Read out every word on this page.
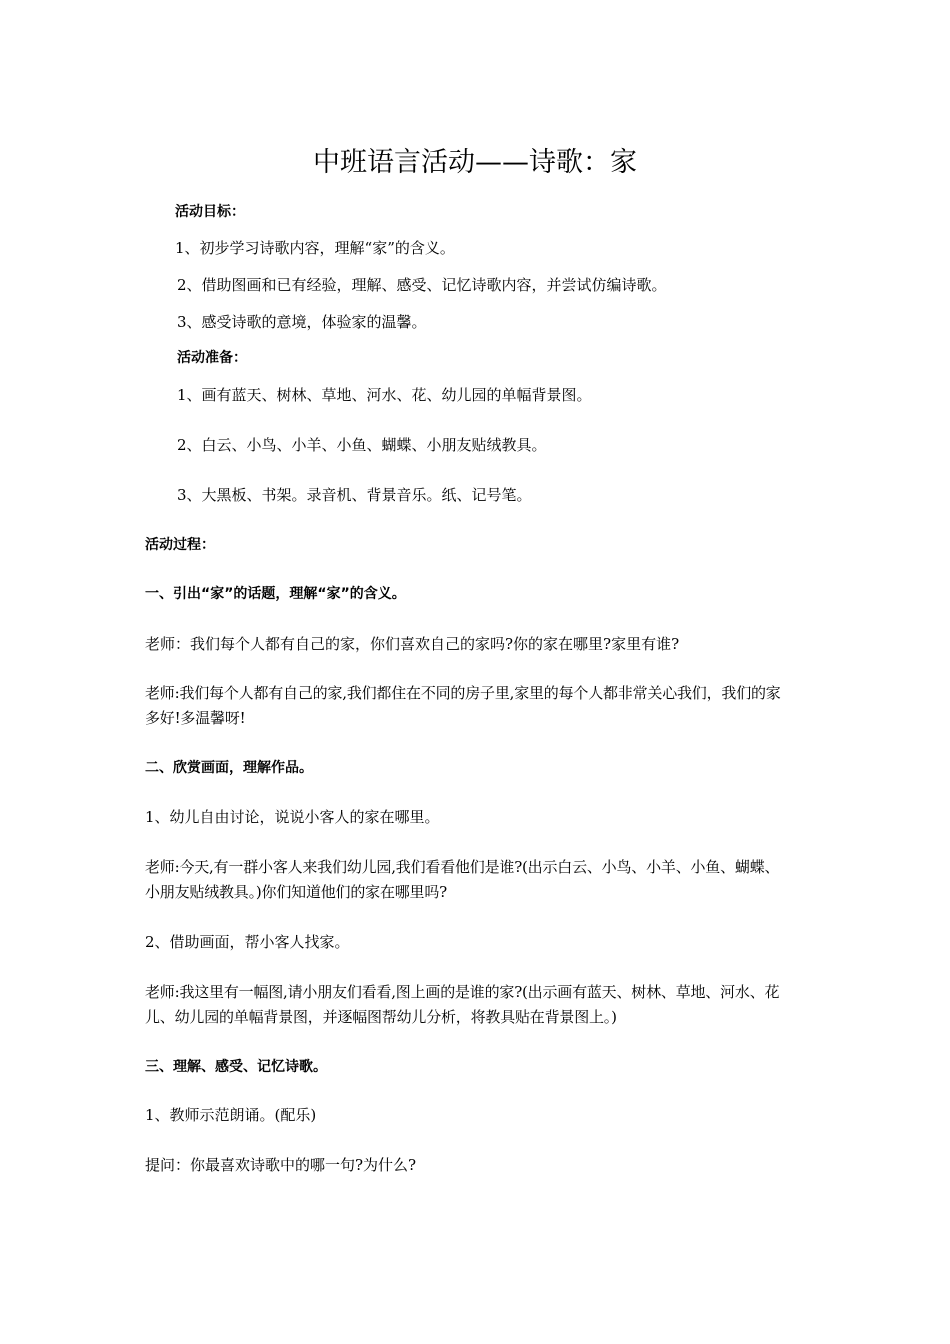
中班语言活动——诗歌：家

活动目标：

1、初步学习诗歌内容，理解“家”的含义。

2、借助图画和已有经验，理解、感受、记忆诗歌内容，并尝试仿编诗歌。

3、感受诗歌的意境，体验家的温馨。

活动准备：

1、画有蓝天、树林、草地、河水、花、幼儿园的单幅背景图。

2、白云、小鸟、小羊、小鱼、蝴蝶、小朋友贴绒教具。

3、大黑板、书架。录音机、背景音乐。纸、记号笔。

活动过程：

一、引出“家”的话题，理解“家”的含义。

老师：我们每个人都有自己的家，你们喜欢自己的家吗?你的家在哪里?家里有谁?

老师:我们每个人都有自己的家,我们都住在不同的房子里,家里的每个人都非常关心我们，我们的家多好!多温馨呀!

二、欣赏画面，理解作品。

1、幼儿自由讨论，说说小客人的家在哪里。

老师:今天,有一群小客人来我们幼儿园,我们看看他们是谁?(出示白云、小鸟、小羊、小鱼、蝴蝶、小朋友贴绒教具。)你们知道他们的家在哪里吗?

2、借助画面，帮小客人找家。

老师:我这里有一幅图,请小朋友们看看,图上画的是谁的家?(出示画有蓝天、树林、草地、河水、花儿、幼儿园的单幅背景图，并逐幅图帮幼儿分析，将教具贴在背景图上。)

三、理解、感受、记忆诗歌。

1、教师示范朗诵。(配乐)

提问：你最喜欢诗歌中的哪一句?为什么?
